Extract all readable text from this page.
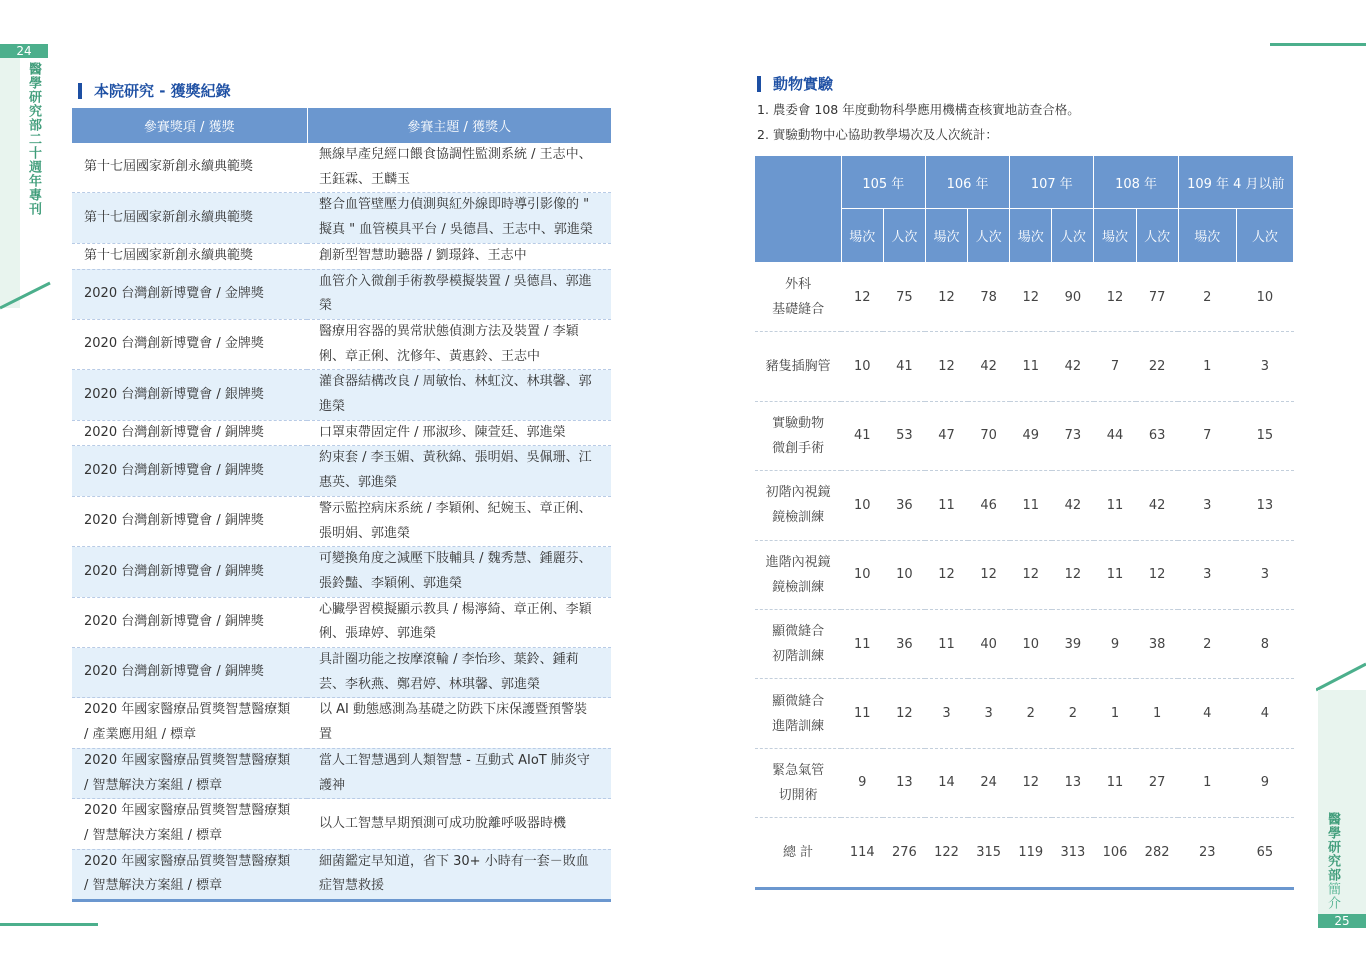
24
醫學研究部二十週年專刊	本院研究 - 獲獎紀錄
參賽獎項 / 獲獎	參賽主題 / 獲獎人
第十七屆國家新創永續典範獎	無線早產兒經口餵食協調性監測系統 / 王志中、王鈺霖、王麟玉
第十七屆國家新創永續典範獎	整合血管壁壓力偵測與紅外線即時導引影像的 " 擬真 " 血管模具平台 / 吳德昌、王志中、郭進榮
第十七屆國家新創永續典範獎	創新型智慧助聽器 / 劉璟鋒、王志中
2020 台灣創新博覽會 / 金牌獎	血管介入微創手術教學模擬裝置 / 吳德昌、郭進榮
2020 台灣創新博覽會 / 金牌獎	醫療用容器的異常狀態偵測方法及裝置 / 李穎俐、章正俐、沈修年、黃惠鈴、王志中
2020 台灣創新博覽會 / 銀牌獎	灌食器結構改良 / 周敏怡、林虹汶、林琪馨、郭進榮
2020 台灣創新博覽會 / 銅牌獎	口罩束帶固定件 / 邢淑珍、陳萱廷、郭進榮
2020 台灣創新博覽會 / 銅牌獎	約束套 / 李玉媚、黃秋綿、張明娟、吳佩珊、江惠英、郭進榮
2020 台灣創新博覽會 / 銅牌獎	警示監控病床系統 / 李穎俐、紀婉玉、章正俐、張明娟、郭進榮
2020 台灣創新博覽會 / 銅牌獎	可變換角度之減壓下肢輔具 / 魏秀慧、鍾麗芬、張鈴豔、李穎俐、郭進榮
2020 台灣創新博覽會 / 銅牌獎	心臟學習模擬顯示教具 / 楊濘綺、章正俐、李穎俐、張瑋婷、郭進榮
2020 台灣創新博覽會 / 銅牌獎	具計圈功能之按摩滾輪 / 李怡珍、葉鈴、鍾莉芸、李秋燕、鄭君婷、林琪馨、郭進榮
2020 年國家醫療品質獎智慧醫療類 / 產業應用組 / 標章	以 AI 動態感測為基礎之防跌下床保護暨預警裝置
2020 年國家醫療品質獎智慧醫療類 / 智慧解決方案組 / 標章	當人工智慧遇到人類智慧 - 互動式 AIoT 肺炎守護神
2020 年國家醫療品質獎智慧醫療類 / 智慧解決方案組 / 標章	以人工智慧早期預測可成功脫離呼吸器時機
2020 年國家醫療品質獎智慧醫療類 / 智慧解決方案組 / 標章	細菌鑑定早知道，省下 30+ 小時有一套－敗血症智慧救援
醫學研究部簡介
25
動物實驗
1. 農委會 108 年度動物科學應用機構查核實地訪查合格。
2. 實驗動物中心協助教學場次及人次統計：
	105 年		106 年		107 年		108 年		109 年 4 月以前	
	場次	人次	場次	人次	場次	人次	場次	人次	場次	人次
外科
基礎縫合	12	75	12	78	12	90	12	77	2	10
豬隻插胸管	10	41	12	42	11	42	7	22	1	3
實驗動物
微創手術	41	53	47	70	49	73	44	63	7	15
初階內視鏡
鏡檢訓練	10	36	11	46	11	42	11	42	3	13
進階內視鏡
鏡檢訓練	10	10	12	12	12	12	11	12	3	3
顯微縫合
初階訓練	11	36	11	40	10	39	9	38	2	8
顯微縫合
進階訓練	11	12	3	3	2	2	1	1	4	4
緊急氣管
切開術	9	13	14	24	12	13	11	27	1	9
總 計	114	276	122	315	119	313	106	282	23	65
